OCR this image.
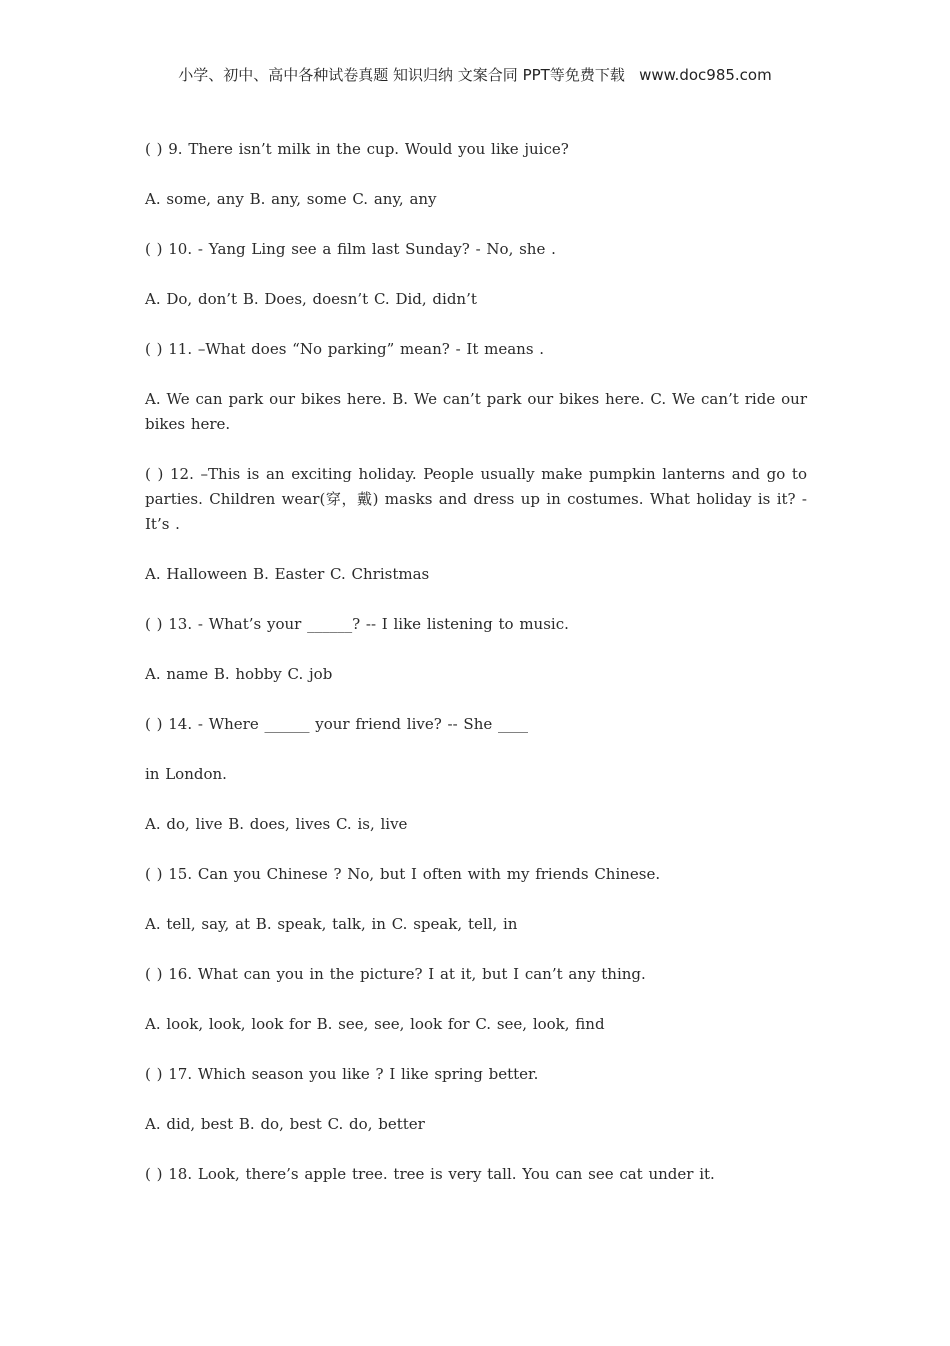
小学、初中、高中各种试卷真题 知识归纳 文案合同 PPT等免费下载   www.doc985.com

( ) 9. There isn’t milk in the cup. Would you like juice?

A. some, any B. any, some C. any, any

( ) 10. - Yang Ling see a film last Sunday? - No, she .

A. Do, don’t B. Does, doesn’t C. Did, didn’t

( ) 11. –What does “No parking” mean? - It means .

A. We can park our bikes here. B. We can’t park our bikes here. C. We can’t ride our bikes here.

( ) 12. –This is an exciting holiday. People usually make pumpkin lanterns and go to parties. Children wear(穿，戴) masks and dress up in costumes. What holiday is it? - It’s .

A. Halloween B. Easter C. Christmas

( ) 13. - What’s your ______? -- I like listening to music.

A. name B. hobby C. job

( ) 14. - Where ______ your friend live? -- She ____

in London.

A. do, live B. does, lives C. is, live

( ) 15. Can you Chinese ? No, but I often with my friends Chinese.

A. tell, say, at B. speak, talk, in C. speak, tell, in

( ) 16. What can you in the picture? I at it, but I can’t any thing.

A. look, look, look for B. see, see, look for C. see, look, find

( ) 17. Which season you like ? I like spring better.

A. did, best B. do, best C. do, better

( ) 18. Look, there’s apple tree. tree is very tall. You can see cat under it.
